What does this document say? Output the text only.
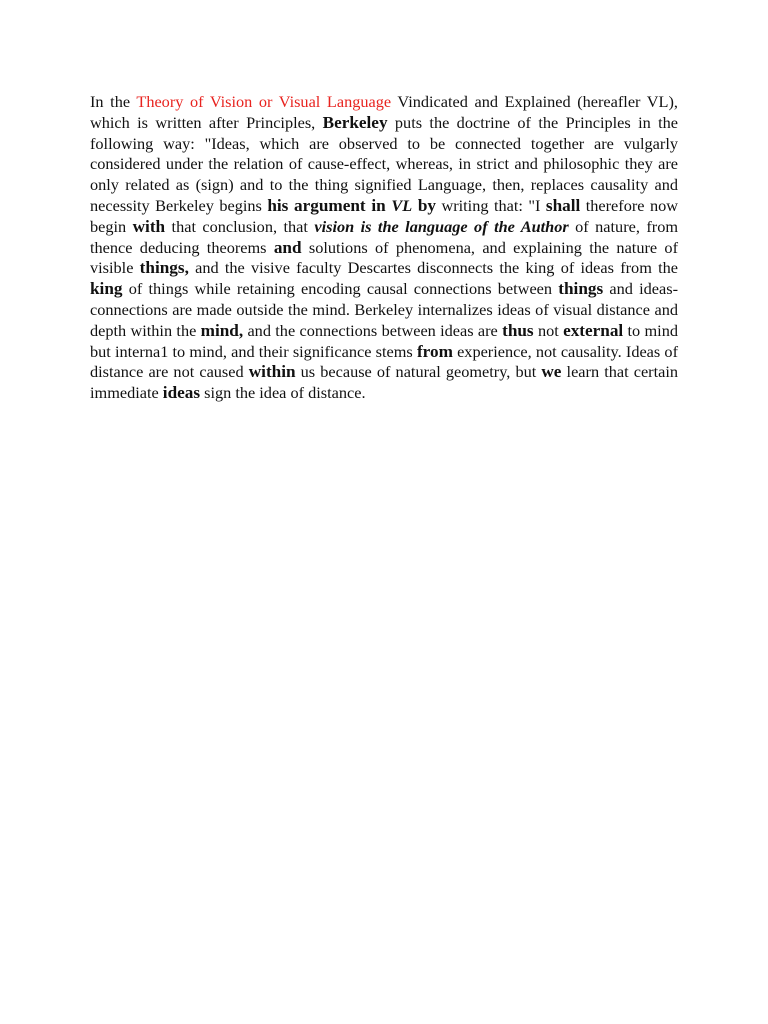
In the Theory of Vision or Visual Language Vindicated and Explained (hereafler VL), which is written after Principles, Berkeley puts the doctrine of the Principles in the following way: "Ideas, which are observed to be connected together are vulgarly considered under the relation of cause-effect, whereas, in strict and philosophic they are only related as (sign) and to the thing signified Language, then, replaces causality and necessity Berkeley begins his argument in VL by writing that: "I shall therefore now begin with that conclusion, that vision is the language of the Author of nature, from thence deducing theorems and solutions of phenomena, and explaining the nature of visible things, and the visive faculty Descartes disconnects the king of ideas from the king of things while retaining encoding causal connections between things and ideas-connections are made outside the mind. Berkeley internalizes ideas of visual distance and depth within the mind, and the connections between ideas are thus not external to mind but interna1 to mind, and their significance stems from experience, not causality. Ideas of distance are not caused within us because of natural geometry, but we learn that certain immediate ideas sign the idea of distance.
